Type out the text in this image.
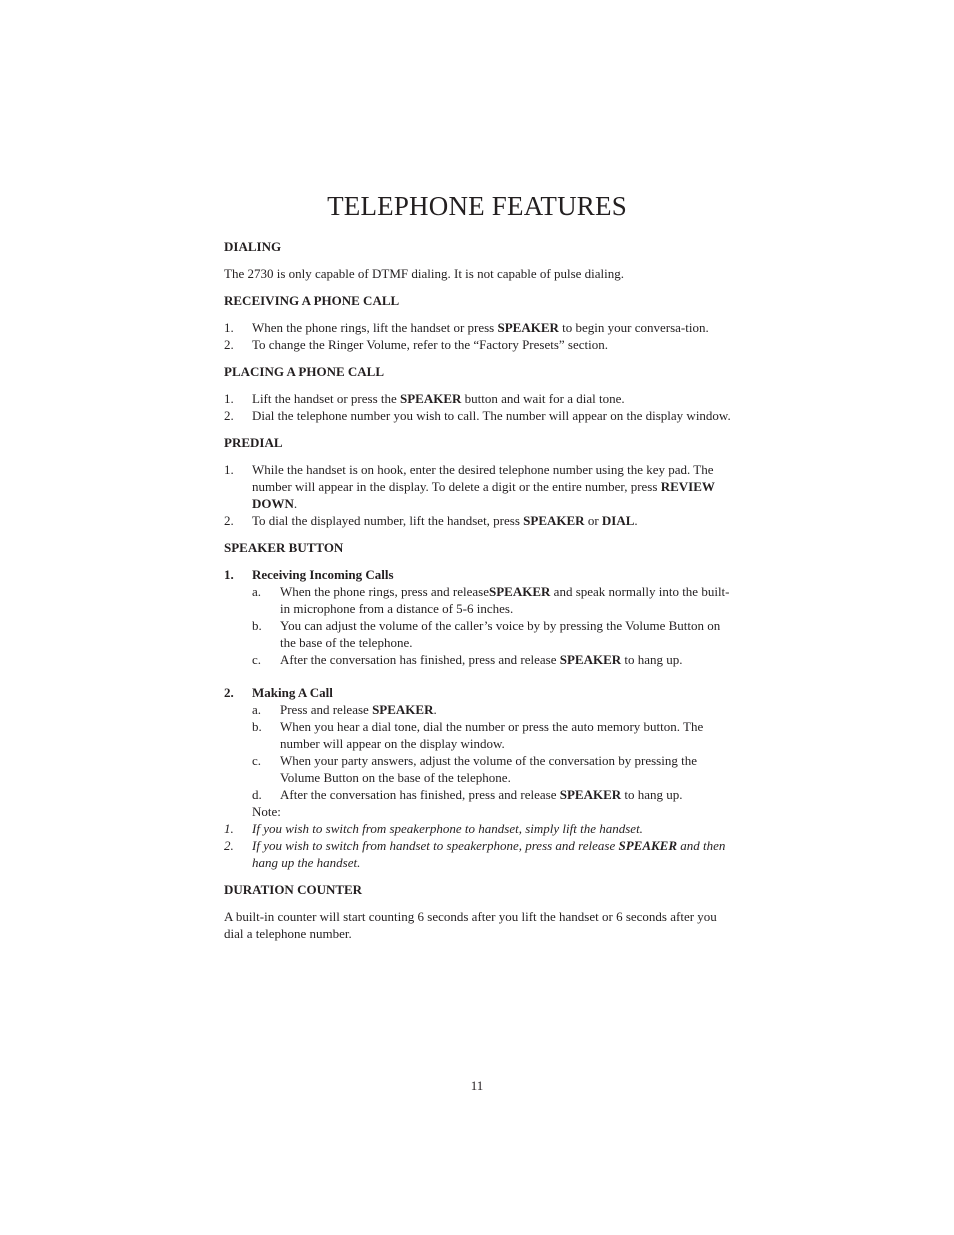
TELEPHONE FEATURES
DIALING

The 2730 is only capable of DTMF dialing. It is not capable of pulse dialing.

RECEIVING A PHONE CALL
1. When the phone rings, lift the handset or press SPEAKER to begin your conversa-tion.
2. To change the Ringer Volume, refer to the “Factory Presets” section.
PLACING A PHONE CALL
1. Lift the handset or press the SPEAKER button and wait for a dial tone.
2. Dial the telephone number you wish to call. The number will appear on the display window.
PREDIAL
1. While the handset is on hook, enter the desired telephone number using the key pad. The number will appear in the display. To delete a digit or the entire number, press REVIEW DOWN.
2. To dial the displayed number, lift the handset, press SPEAKER or DIAL.
SPEAKER BUTTON
1. Receiving Incoming Calls
a. When the phone rings, press and releaseSPEAKER and speak normally into the built-in microphone from a distance of 5-6 inches.
b. You can adjust the volume of the caller’s voice by by pressing the Volume Button on the base of the telephone.
c. After the conversation has finished, press and release SPEAKER to hang up.
2. Making A Call
a. Press and release SPEAKER.
b. When you hear a dial tone, dial the number or press the auto memory button. The number will appear on the display window.
c. When your party answers, adjust the volume of the conversation by pressing the Volume Button on the base of the telephone.
d. After the conversation has finished, press and release SPEAKER to hang up.
Note:
1. If you wish to switch from speakerphone to handset, simply lift the handset.
2. If you wish to switch from handset to speakerphone, press and release SPEAKER and then hang up the handset.
DURATION COUNTER

A built-in counter will start counting 6 seconds after you lift the handset or 6 seconds after you dial a telephone number.

11
